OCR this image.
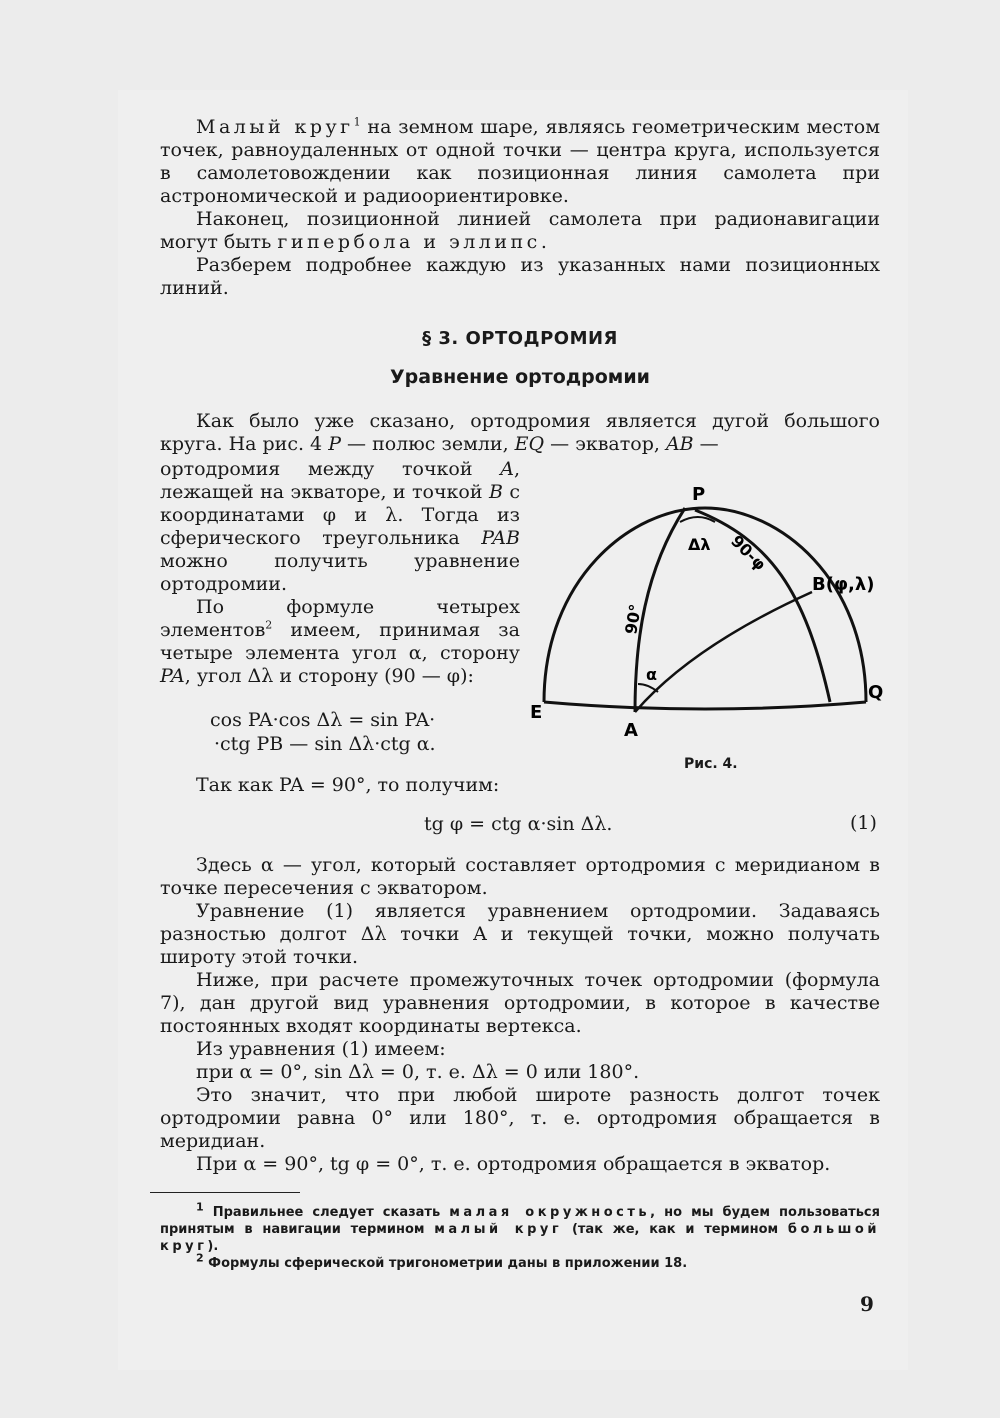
Малый круг$^1$ на земном шаре, являясь геометрическим местом точек, равноудаленных от одной точки — центра круга, используется в самолетовождении как позиционная линия самолета при астрономической и радиоориентировке.

Наконец, позиционной линией самолета при радионавигации могут быть гипербола и эллипс.

Разберем подробнее каждую из указанных нами позиционных линий.

§ 3. ОРТОДРОМИЯ
Уравнение ортодромии

Как было уже сказано, ортодромия является дугой большого круга. На рис. 4 P — полюс земли, EQ — экватор, AB —

ортодромия между точкой A, лежащей на экваторе, и точкой B с координатами φ и λ. Тогда из сферического треугольника PAB можно получить уравнение ортодромии.

По формуле четырех элементов$^2$ имеем, принимая за четыре элемента угол α, сторону PA, угол Δλ и сторону (90 — φ):

cos PA·cos Δλ = sin PA·
·ctg PB — sin Δλ·ctg α.
P
Δλ 90-φ
B(φ,λ)
90°
α
E
A
Q
Рис. 4.

Так как PA = 90°, то получим:

tg φ = ctg α·sin Δλ.	(1)

Здесь α — угол, который составляет ортодромия с меридианом в точке пересечения с экватором.

Уравнение (1) является уравнением ортодромии. Задаваясь разностью долгот Δλ точки A и текущей точки, можно получать широту этой точки.

Ниже, при расчете промежуточных точек ортодромии (формула 7), дан другой вид уравнения ортодромии, в которое в качестве постоянных входят координаты вертекса.

Из уравнения (1) имеем:

при α = 0°, sin Δλ = 0, т. е. Δλ = 0 или 180°.

Это значит, что при любой широте разность долгот точек ортодромии равна 0° или 180°, т. е. ортодромия обращается в меридиан.

При α = 90°, tg φ = 0°, т. е. ортодромия обращается в экватор.

$^1$ Правильнее следует сказать малая окружность, но мы будем пользоваться принятым в навигации термином малый круг (так же, как и термином большой круг).

$^2$ Формулы сферической тригонометрии даны в приложении 18.

9
